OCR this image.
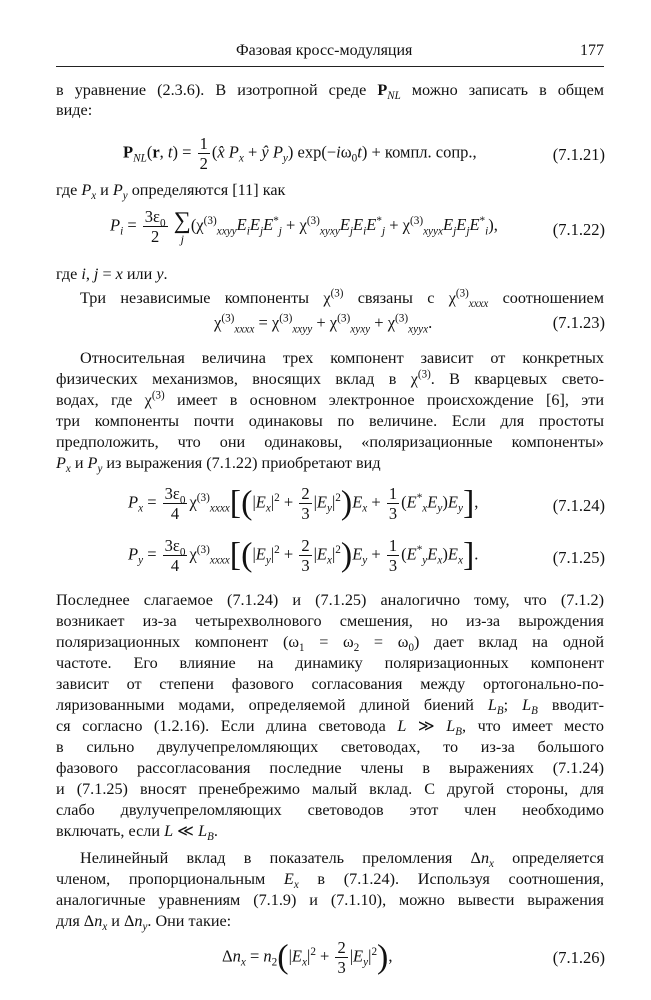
Фазовая кросс-модуляция	177
в уравнение (2.3.6). В изотропной среде $P_{NL}$ можно записать в общем
виде:
$P_{NL}(r$, $t) = \frac{1}{2}$ (x̂ $P_x$ + ŷ $P_y$) $\exp(-i\omega_0t)$ + компл. сопр.,	(7.1.21)
где $P_x$ и $P_y$ определяются [11] как
$P_i = \frac{3\varepsilon_0}{2}$
∑
j
$(\chi^{(3)}_{xxyy}E_iE_jE^*_j + \chi^{(3)}_{xyxy}E_jE_iE^*_j + \chi^{(3)}_{xyyx}E_jE_jE^*_i)$,	(7.1.22)
где i, j = x или y.
Три независимые компоненты $\chi^{(3)}$ связаны с $\chi^{(3)}_{xxxx}$ соотношением
$\chi^{(3)}_{xxxx} = \chi^{(3)}_{xxyy} + \chi^{(3)}_{xyxy} + \chi^{(3)}_{xyyx}$.	(7.1.23)
Относительная величина трех компонент зависит от конкретных
физических механизмов, вносящих вклад в $\chi^{(3)}$. В кварцевых свето-
водах, где $\chi^{(3)}$ имеет в основном электронное происхождение [6], эти
три компоненты почти одинаковы по величине. Если для простоты
предположить, что они одинаковы, «поляризационные компоненты»
$P_x$ и $P_y$ из выражения (7.1.22) приобретают вид
$P_x = \frac{3\varepsilon_0}{4} \chi^{(3)}_{xxxx}[(|E_x|^2 + \frac{2}{3} |E_y|^2)E_x + \frac{1}{3} (E^*_xE_y)E_y]$,	(7.1.24)
$P_y = \frac{3\varepsilon_0}{4} \chi^{(3)}_{xxxx}[(|E_y|^2 + \frac{2}{3} |E_x|^2)E_y + \frac{1}{3} (E^*_yE_x)E_x]$.	(7.1.25)
Последнее слагаемое (7.1.24) и (7.1.25) аналогично тому, что (7.1.2)
возникает из-за четырехволнового смешения, но из-за вырождения
поляризационных компонент $(\omega_1 = \omega_2 = \omega_0)$ дает вклад на одной
частоте. Его влияние на динамику поляризационных компонент
зависит от степени фазового согласования между ортогонально-по-
ляризованными модами, определяемой длиной биений $L_B$; $L_B$ вводит-
ся согласно (1.2.16). Если длина световода L ≫ $L_B$, что имеет место
в сильно двулучепреломляющих световодах, то из-за большого
фазового рассогласования последние члены в выражениях (7.1.24)
и (7.1.25) вносят пренебрежимо малый вклад. С другой стороны, для
слабо двулучепреломляющих световодов этот член необходимо
включать, если L ≪ $L_B$.
Нелинейный вклад в показатель преломления $\Delta n_x$ определяется
членом, пропорциональным $E_x$ в (7.1.24). Используя соотношения,
аналогичные уравнениям (7.1.9) и (7.1.10), можно вывести выражения
для $\Delta n_x$ и $\Delta n_y$. Они такие:
$\Delta n_x = n_2(|E_x|^2 + \frac{2}{3} |E_y|^2)$,	(7.1.26)
